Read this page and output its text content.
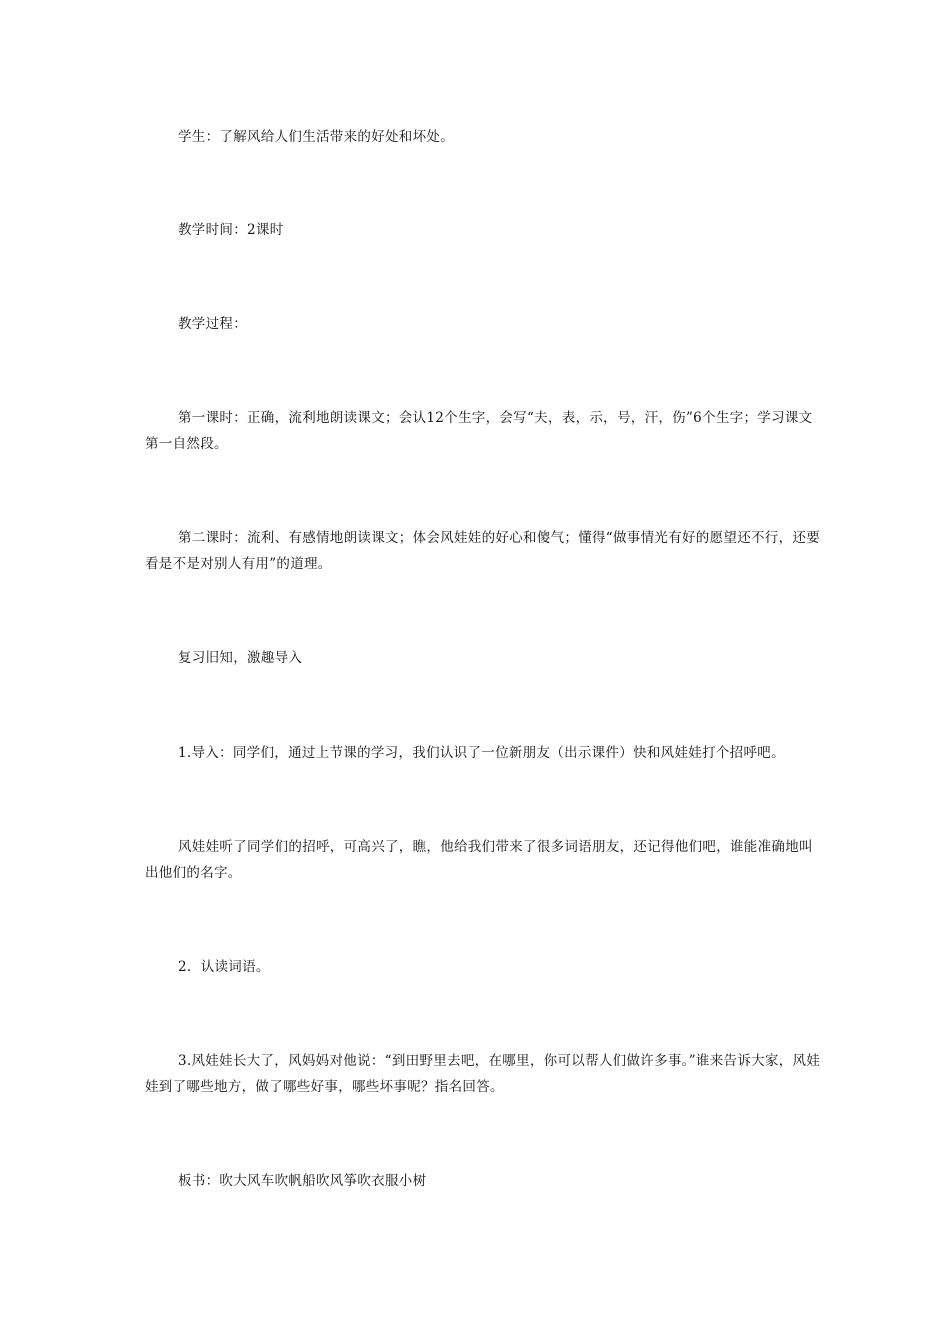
学生：了解风给人们生活带来的好处和坏处。

教学时间：2课时

教学过程：

第一课时：正确，流利地朗读课文；会认12个生字，会写“夫，表，示，号，汗，伤”6个生字；学习课文第一自然段。

第二课时：流利、有感情地朗读课文；体会风娃娃的好心和傻气；懂得“做事情光有好的愿望还不行，还要看是不是对别人有用”的道理。

复习旧知，激趣导入

1.导入：同学们，通过上节课的学习，我们认识了一位新朋友（出示课件）快和风娃娃打个招呼吧。

风娃娃听了同学们的招呼，可高兴了，瞧，他给我们带来了很多词语朋友，还记得他们吧，谁能准确地叫出他们的名字。

2．认读词语。

3.风娃娃长大了，风妈妈对他说：“到田野里去吧，在哪里，你可以帮人们做许多事。”谁来告诉大家，风娃娃到了哪些地方，做了哪些好事，哪些坏事呢？指名回答。

板书：吹大风车吹帆船吹风筝吹衣服小树
